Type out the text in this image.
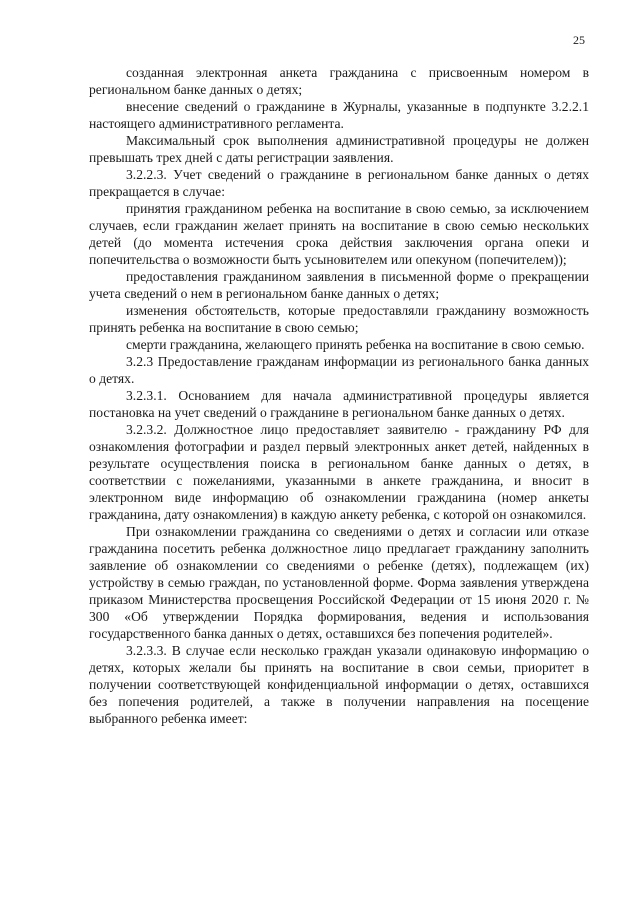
25

созданная электронная анкета гражданина с присвоенным номером в региональном банке данных о детях;

внесение сведений о гражданине в Журналы, указанные в подпункте 3.2.2.1 настоящего административного регламента.

Максимальный срок выполнения административной процедуры не должен превышать трех дней с даты регистрации заявления.

3.2.2.3. Учет сведений о гражданине в региональном банке данных о детях прекращается в случае:

принятия гражданином ребенка на воспитание в свою семью, за исключением случаев, если гражданин желает принять на воспитание в свою семью нескольких детей (до момента истечения срока действия заключения органа опеки и попечительства о возможности быть усыновителем или опекуном (попечителем));

предоставления гражданином заявления в письменной форме о прекращении учета сведений о нем в региональном банке данных о детях;

изменения обстоятельств, которые предоставляли гражданину возможность принять ребенка на воспитание в свою семью;

смерти гражданина, желающего принять ребенка на воспитание в свою семью.

3.2.3 Предоставление гражданам информации из регионального банка данных о детях.

3.2.3.1. Основанием для начала административной процедуры является постановка на учет сведений о гражданине в региональном банке данных о детях.

3.2.3.2. Должностное лицо предоставляет заявителю - гражданину РФ для ознакомления фотографии и раздел первый электронных анкет детей, найденных в результате осуществления поиска в региональном банке данных о детях, в соответствии с пожеланиями, указанными в анкете гражданина, и вносит в электронном виде информацию об ознакомлении гражданина (номер анкеты гражданина, дату ознакомления) в каждую анкету ребенка, с которой он ознакомился.

При ознакомлении гражданина со сведениями о детях и согласии или отказе гражданина посетить ребенка должностное лицо предлагает гражданину заполнить заявление об ознакомлении со сведениями о ребенке (детях), подлежащем (их) устройству в семью граждан, по установленной форме. Форма заявления утверждена приказом Министерства просвещения Российской Федерации от 15 июня 2020 г. № 300 «Об утверждении Порядка формирования, ведения и использования государственного банка данных о детях, оставшихся без попечения родителей».

3.2.3.3. В случае если несколько граждан указали одинаковую информацию о детях, которых желали бы принять на воспитание в свои семьи, приоритет в получении соответствующей конфиденциальной информации о детях, оставшихся без попечения родителей, а также в получении направления на посещение выбранного ребенка имеет:
